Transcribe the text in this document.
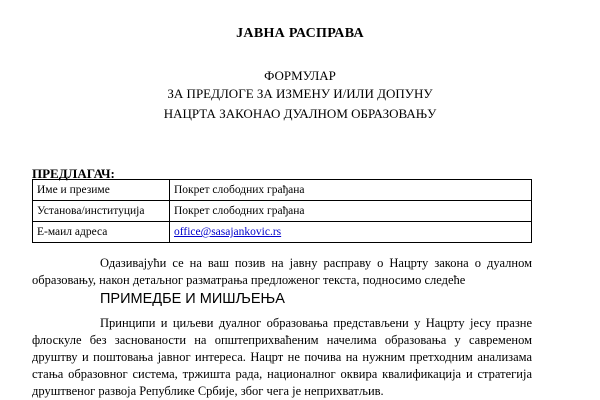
ЈАВНА РАСПРАВА
ФОРМУЛАР
ЗА ПРЕДЛОГЕ ЗА ИЗМЕНУ И/ИЛИ ДОПУНУ
НАЦРТА ЗАКОНАО ДУАЛНОМ ОБРАЗОВАЊУ
ПРЕДЛАГАЧ:
Име и презиме	Покрет слободних грађана
Установа/институција	Покрет слободних грађана
Е-маил адреса	office@sasajankovic.rs

Одазивајући се на ваш позив на јавну расправу о Нацрту закона о дуалном образовању, након детаљног разматрања предложеног текста, подносимо следеће

ПРИМЕДБЕ И МИШЉЕЊА

Принципи и циљеви дуалног образовања представљени у Нацрту јесу празне флоскуле без заснованости на општеприхваћеним начелима образовања у савременом друштву и поштовања јавног интереса. Нацрт не почива на нужним претходним анализама стања образовног система, тржишта рада, националног оквира квалификација и стратегија друштвеног развоја Републике Србије, због чега је неприхватљив.
